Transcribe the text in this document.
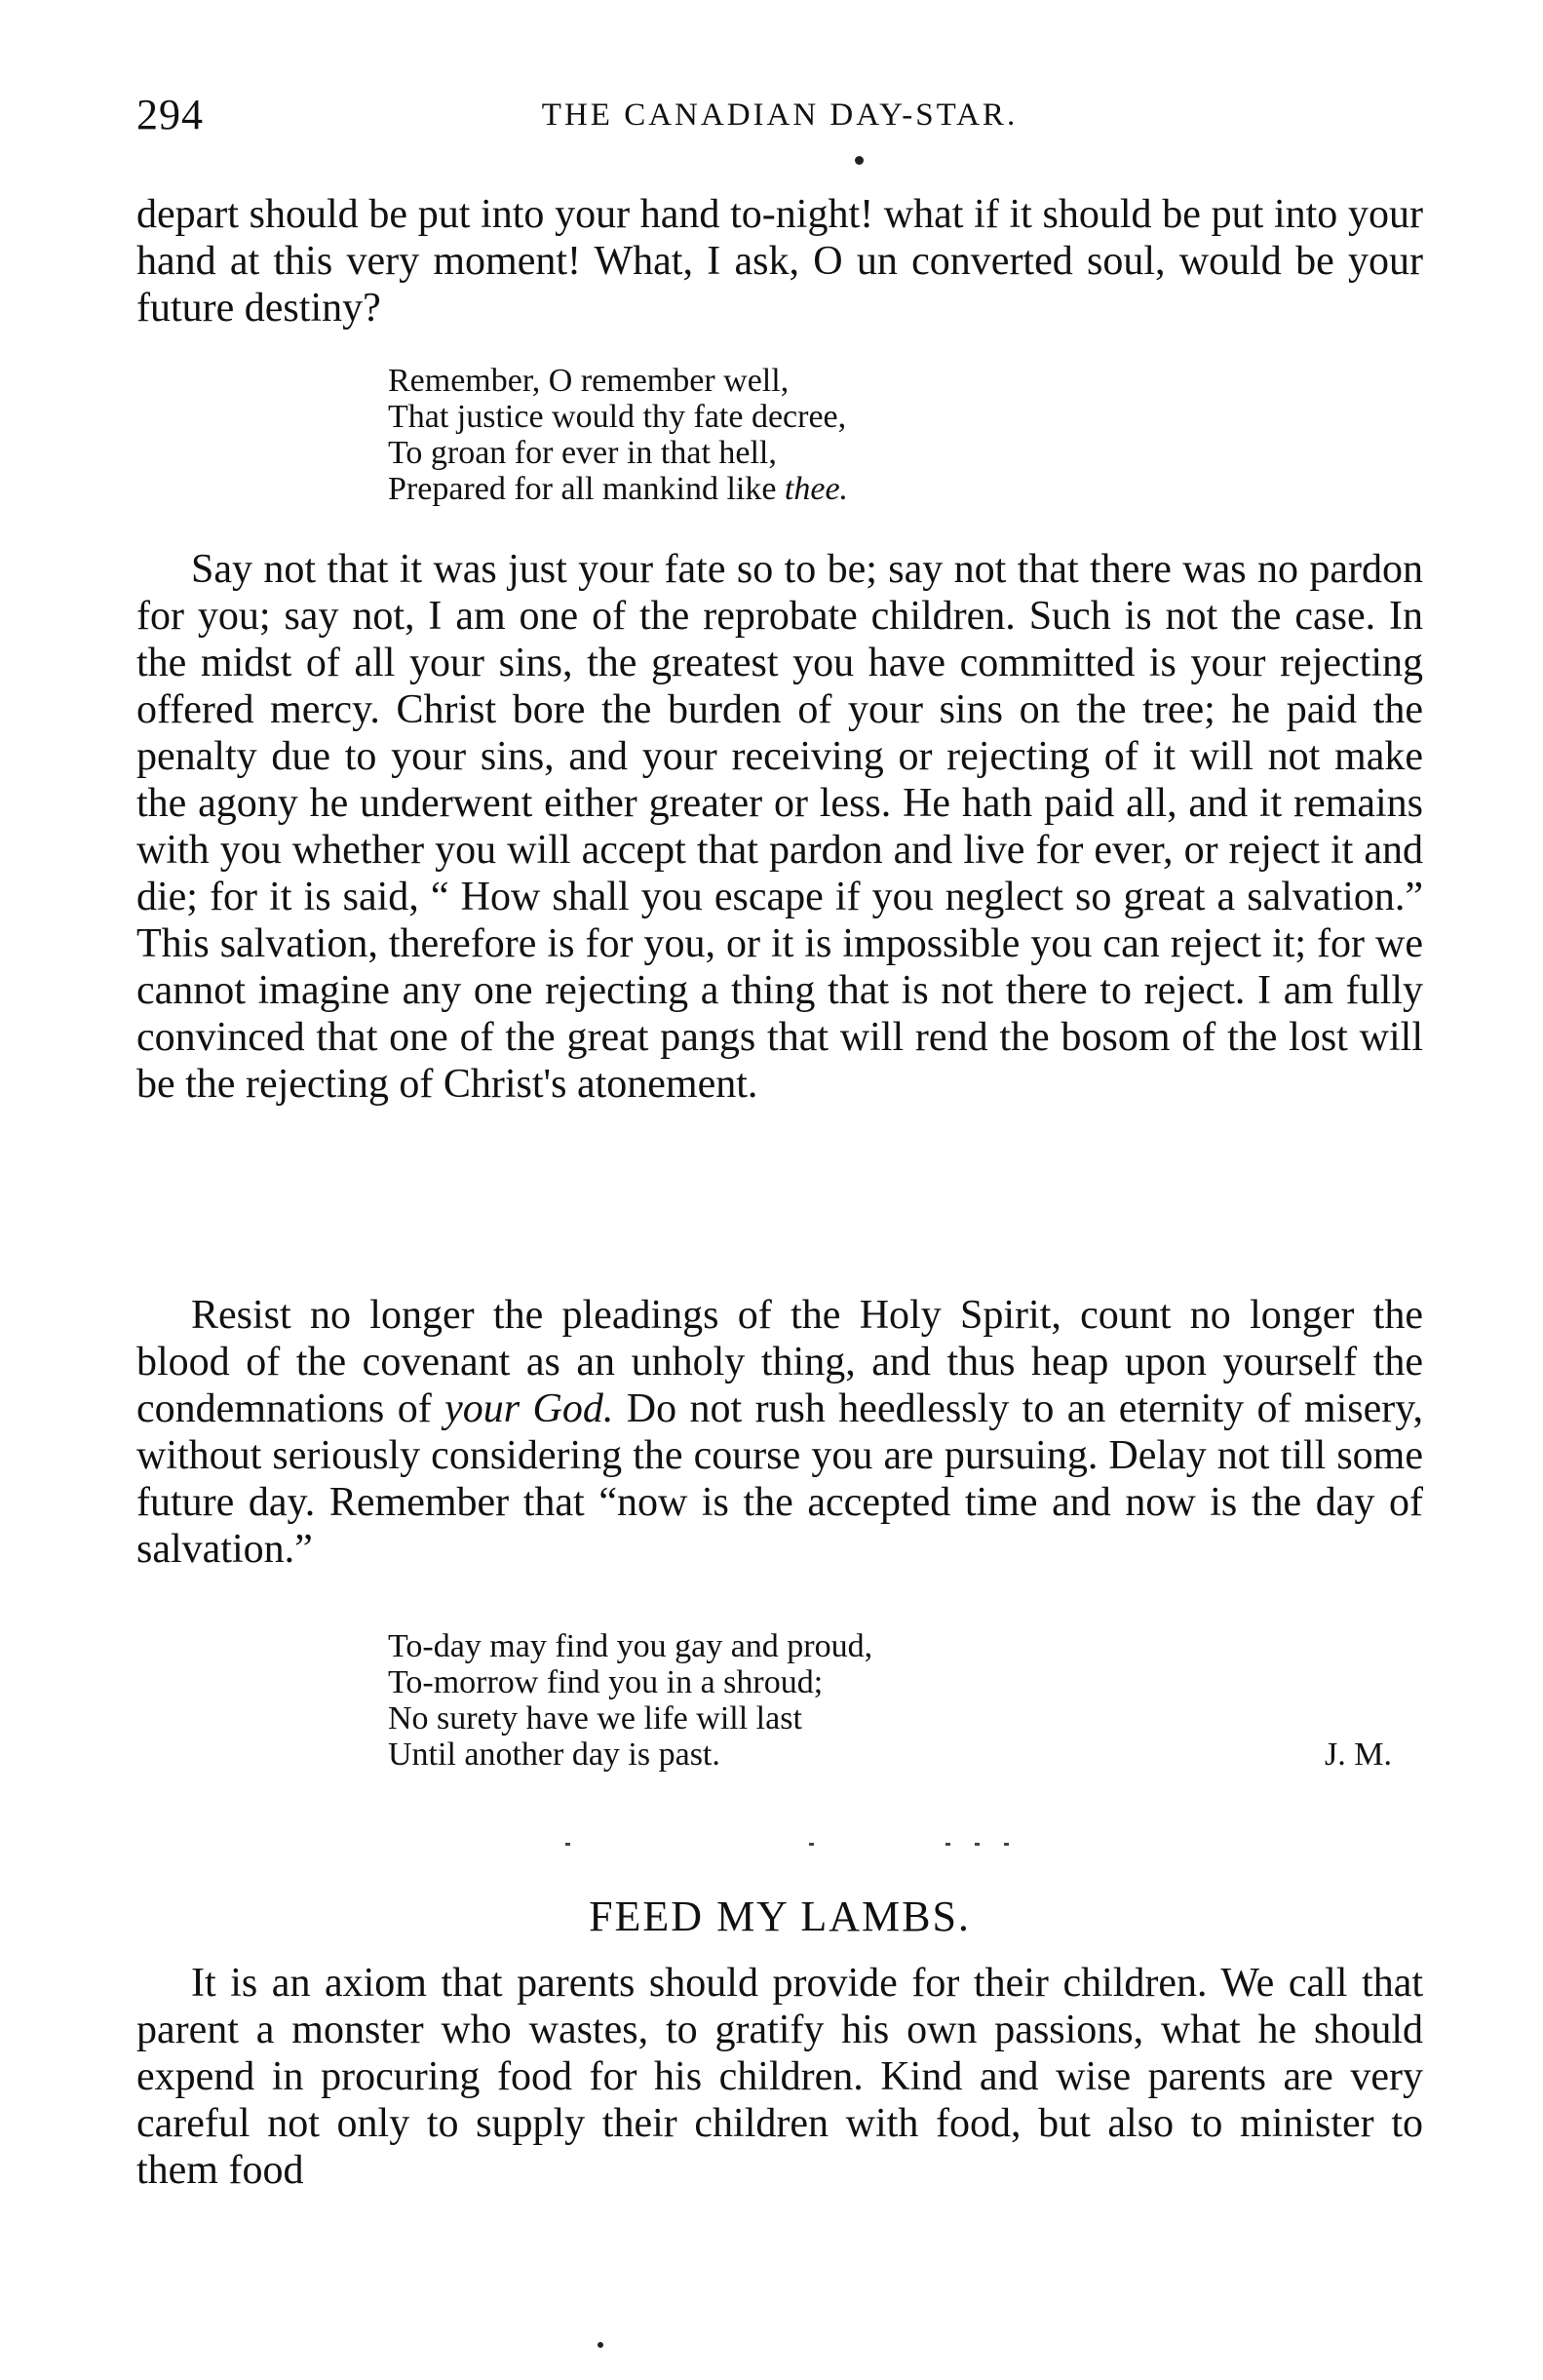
294	THE CANADIAN DAY-STAR.

depart should be put into your hand to-night! what if it should be put into your hand at this very moment! What, I ask, O un converted soul, would be your future destiny?

Remember, O remember well,
That justice would thy fate decree,
To groan for ever in that hell,
Prepared for all mankind like thee.

Say not that it was just your fate so to be; say not that there was no pardon for you; say not, I am one of the reprobate children. Such is not the case. In the midst of all your sins, the greatest you have committed is your rejecting offered mercy. Christ bore the burden of your sins on the tree; he paid the penalty due to your sins, and your receiving or rejecting of it will not make the agony he underwent either greater or less. He hath paid all, and it remains with you whether you will accept that pardon and live for ever, or reject it and die; for it is said, “ How shall you escape if you neglect so great a salvation.” This salvation, therefore is for you, or it is impossible you can reject it; for we cannot imagine any one rejecting a thing that is not there to reject. I am fully convinced that one of the great pangs that will rend the bosom of the lost will be the rejecting of Christ's atonement.

Resist no longer the pleadings of the Holy Spirit, count no longer the blood of the covenant as an unholy thing, and thus heap upon yourself the condemnations of your God. Do not rush heedlessly to an eternity of misery, without seriously considering the course you are pursuing. Delay not till some future day. Remember that “now is the accepted time and now is the day of salvation.”

To-day may find you gay and proud,
To-morrow find you in a shroud;
No surety have we life will last
Until another day is past.	J. M.
FEED MY LAMBS.

It is an axiom that parents should provide for their children. We call that parent a monster who wastes, to gratify his own passions, what he should expend in procuring food for his children. Kind and wise parents are very careful not only to supply their children with food, but also to minister to them food
